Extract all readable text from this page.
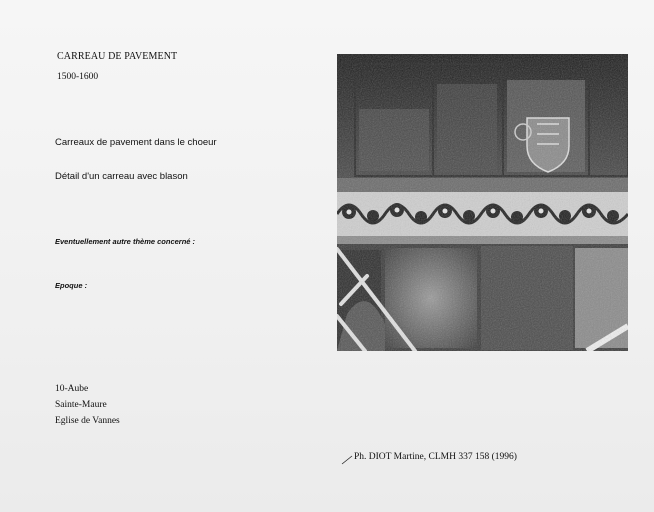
CARREAU DE PAVEMENT
1500-1600
Carreaux de pavement dans le choeur
Détail d'un carreau avec blason
Eventuellement autre thème concerné :
Epoque :
10-Aube
Sainte-Maure
Eglise de Vannes
Ph. DIOT Martine, CLMH 337 158 (1996)
